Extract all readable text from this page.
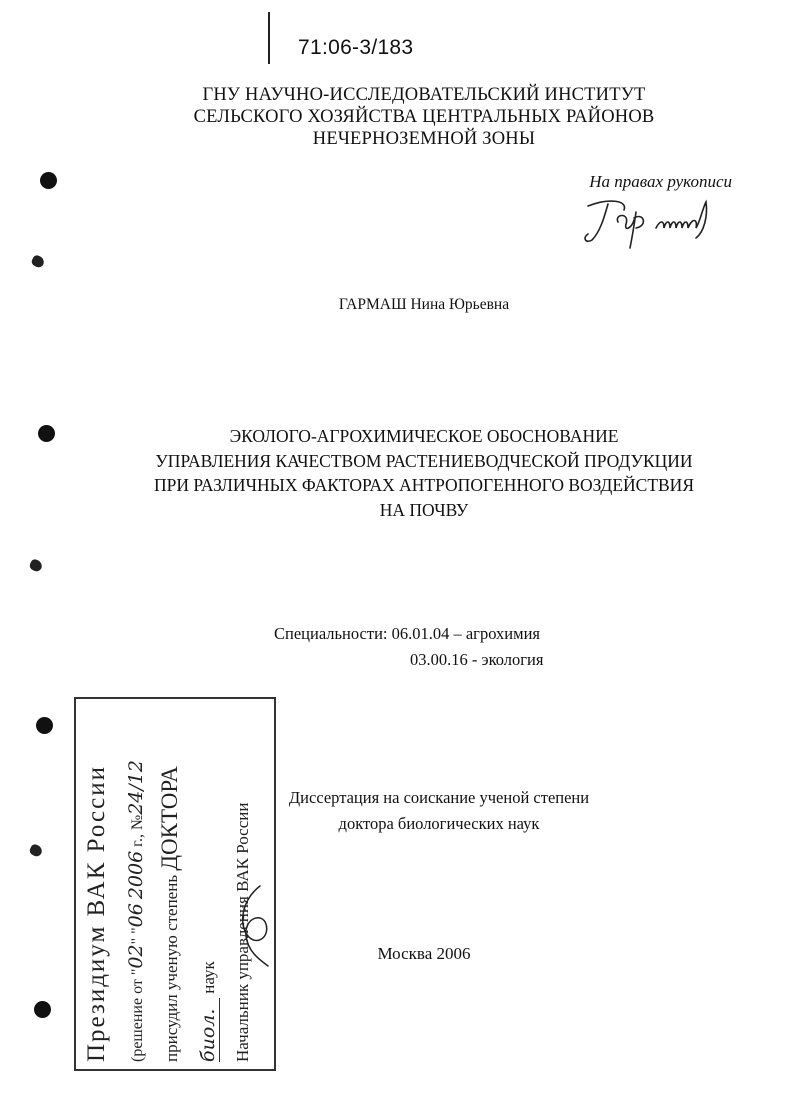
71:06-3/183
ГНУ НАУЧНО-ИССЛЕДОВАТЕЛЬСКИЙ ИНСТИТУТ
СЕЛЬСКОГО ХОЗЯЙСТВА ЦЕНТРАЛЬНЫХ РАЙОНОВ
НЕЧЕРНОЗЕМНОЙ ЗОНЫ
На правах рукописи
ГАРМАШ Нина Юрьевна
ЭКОЛОГО-АГРОХИМИЧЕСКОЕ ОБОСНОВАНИЕ
УПРАВЛЕНИЯ КАЧЕСТВОМ РАСТЕНИЕВОДЧЕСКОЙ ПРОДУКЦИИ
ПРИ РАЗЛИЧНЫХ ФАКТОРАХ АНТРОПОГЕННОГО ВОЗДЕЙСТВИЯ
НА ПОЧВУ
Специальности: 06.01.04 – агрохимия
03.00.16 - экология
Диссертация на соискание ученой степени
доктора биологических наук
Москва 2006
Президиум ВАК России (решение от "02" "06 2006 г., №24/12
присудил ученую степень ДОКТОРА
биол. наук Начальник управления ВАК России
